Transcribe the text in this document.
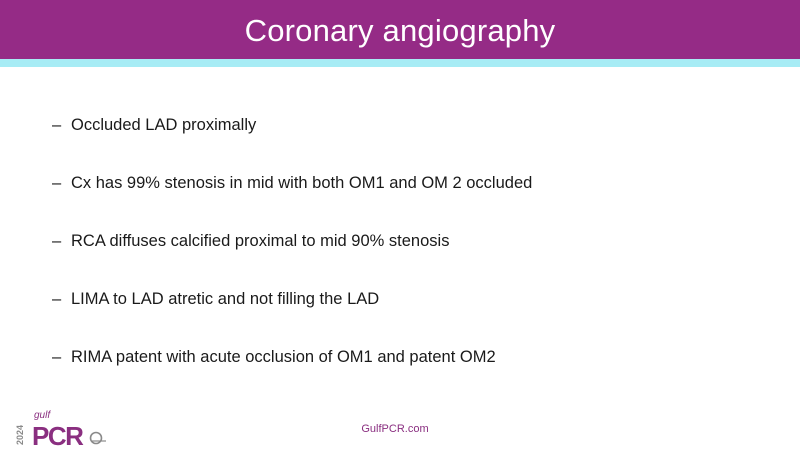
Coronary angiography
– Occluded LAD proximally
– Cx has 99% stenosis in mid with both OM1 and OM 2 occluded
– RCA diffuses calcified proximal to mid 90% stenosis
– LIMA to LAD atretic and not filling the LAD
– RIMA patent with acute occlusion of OM1 and patent OM2
2024
gulf
PCR	GulfPCR.com
